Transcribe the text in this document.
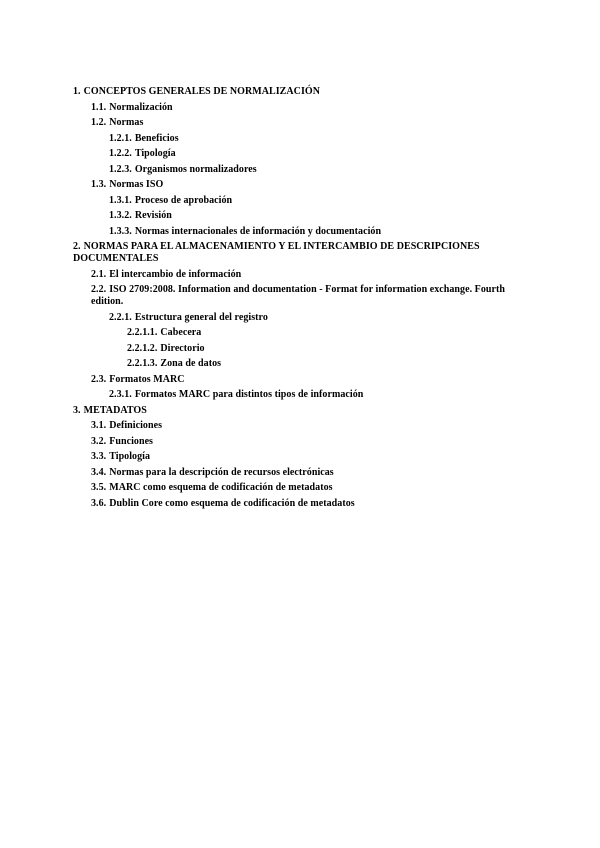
1. CONCEPTOS GENERALES DE NORMALIZACIÓN
1.1. Normalización
1.2. Normas
1.2.1. Beneficios
1.2.2. Tipología
1.2.3. Organismos normalizadores
1.3. Normas ISO
1.3.1. Proceso de aprobación
1.3.2. Revisión
1.3.3. Normas internacionales de información y documentación
2. NORMAS PARA EL ALMACENAMIENTO Y EL INTERCAMBIO DE DESCRIPCIONES DOCUMENTALES
2.1. El intercambio de información
2.2. ISO 2709:2008. Information and documentation - Format for information exchange. Fourth edition.
2.2.1. Estructura general del registro
2.2.1.1. Cabecera
2.2.1.2. Directorio
2.2.1.3. Zona de datos
2.3. Formatos MARC
2.3.1. Formatos MARC para distintos tipos de información
3. METADATOS
3.1. Definiciones
3.2. Funciones
3.3. Tipología
3.4. Normas para la descripción de recursos electrónicas
3.5. MARC como esquema de codificación de metadatos
3.6. Dublin Core como esquema de codificación de metadatos
